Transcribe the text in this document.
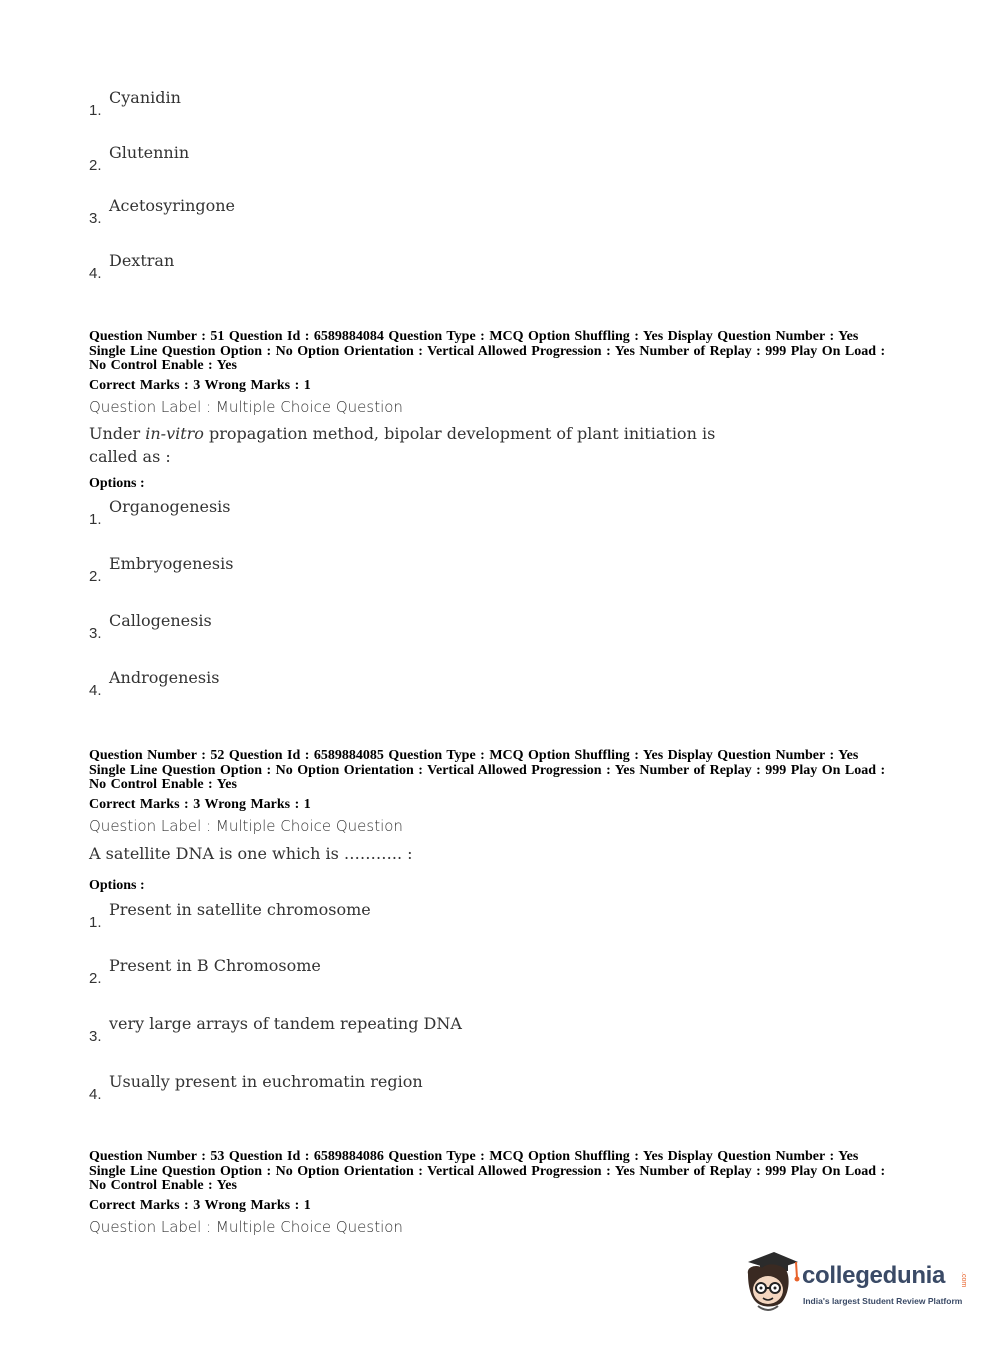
1.
Cyanidin
2.
Glutennin
3.
Acetosyringone
4.
Dextran
Question Number : 51 Question Id : 6589884084 Question Type : MCQ Option Shuffling : Yes Display Question Number : Yes
Single Line Question Option : No Option Orientation : Vertical Allowed Progression : Yes Number of Replay : 999 Play On Load :
No Control Enable : Yes
Correct Marks : 3 Wrong Marks : 1
Question Label : Multiple Choice Question
Under in-vitro propagation method, bipolar development of plant initiation is
called as :
Options :
1.
Organogenesis
2.
Embryogenesis
3.
Callogenesis
4.
Androgenesis
Question Number : 52 Question Id : 6589884085 Question Type : MCQ Option Shuffling : Yes Display Question Number : Yes
Single Line Question Option : No Option Orientation : Vertical Allowed Progression : Yes Number of Replay : 999 Play On Load :
No Control Enable : Yes
Correct Marks : 3 Wrong Marks : 1
Question Label : Multiple Choice Question
A satellite DNA is one which is ……….. :
Options :
1.
Present in satellite chromosome
2.
Present in B Chromosome
3.
very large arrays of tandem repeating DNA
4.
Usually present in euchromatin region
Question Number : 53 Question Id : 6589884086 Question Type : MCQ Option Shuffling : Yes Display Question Number : Yes
Single Line Question Option : No Option Orientation : Vertical Allowed Progression : Yes Number of Replay : 999 Play On Load :
No Control Enable : Yes
Correct Marks : 3 Wrong Marks : 1
Question Label : Multiple Choice Question
collegedunia .com
India's largest Student Review Platform
